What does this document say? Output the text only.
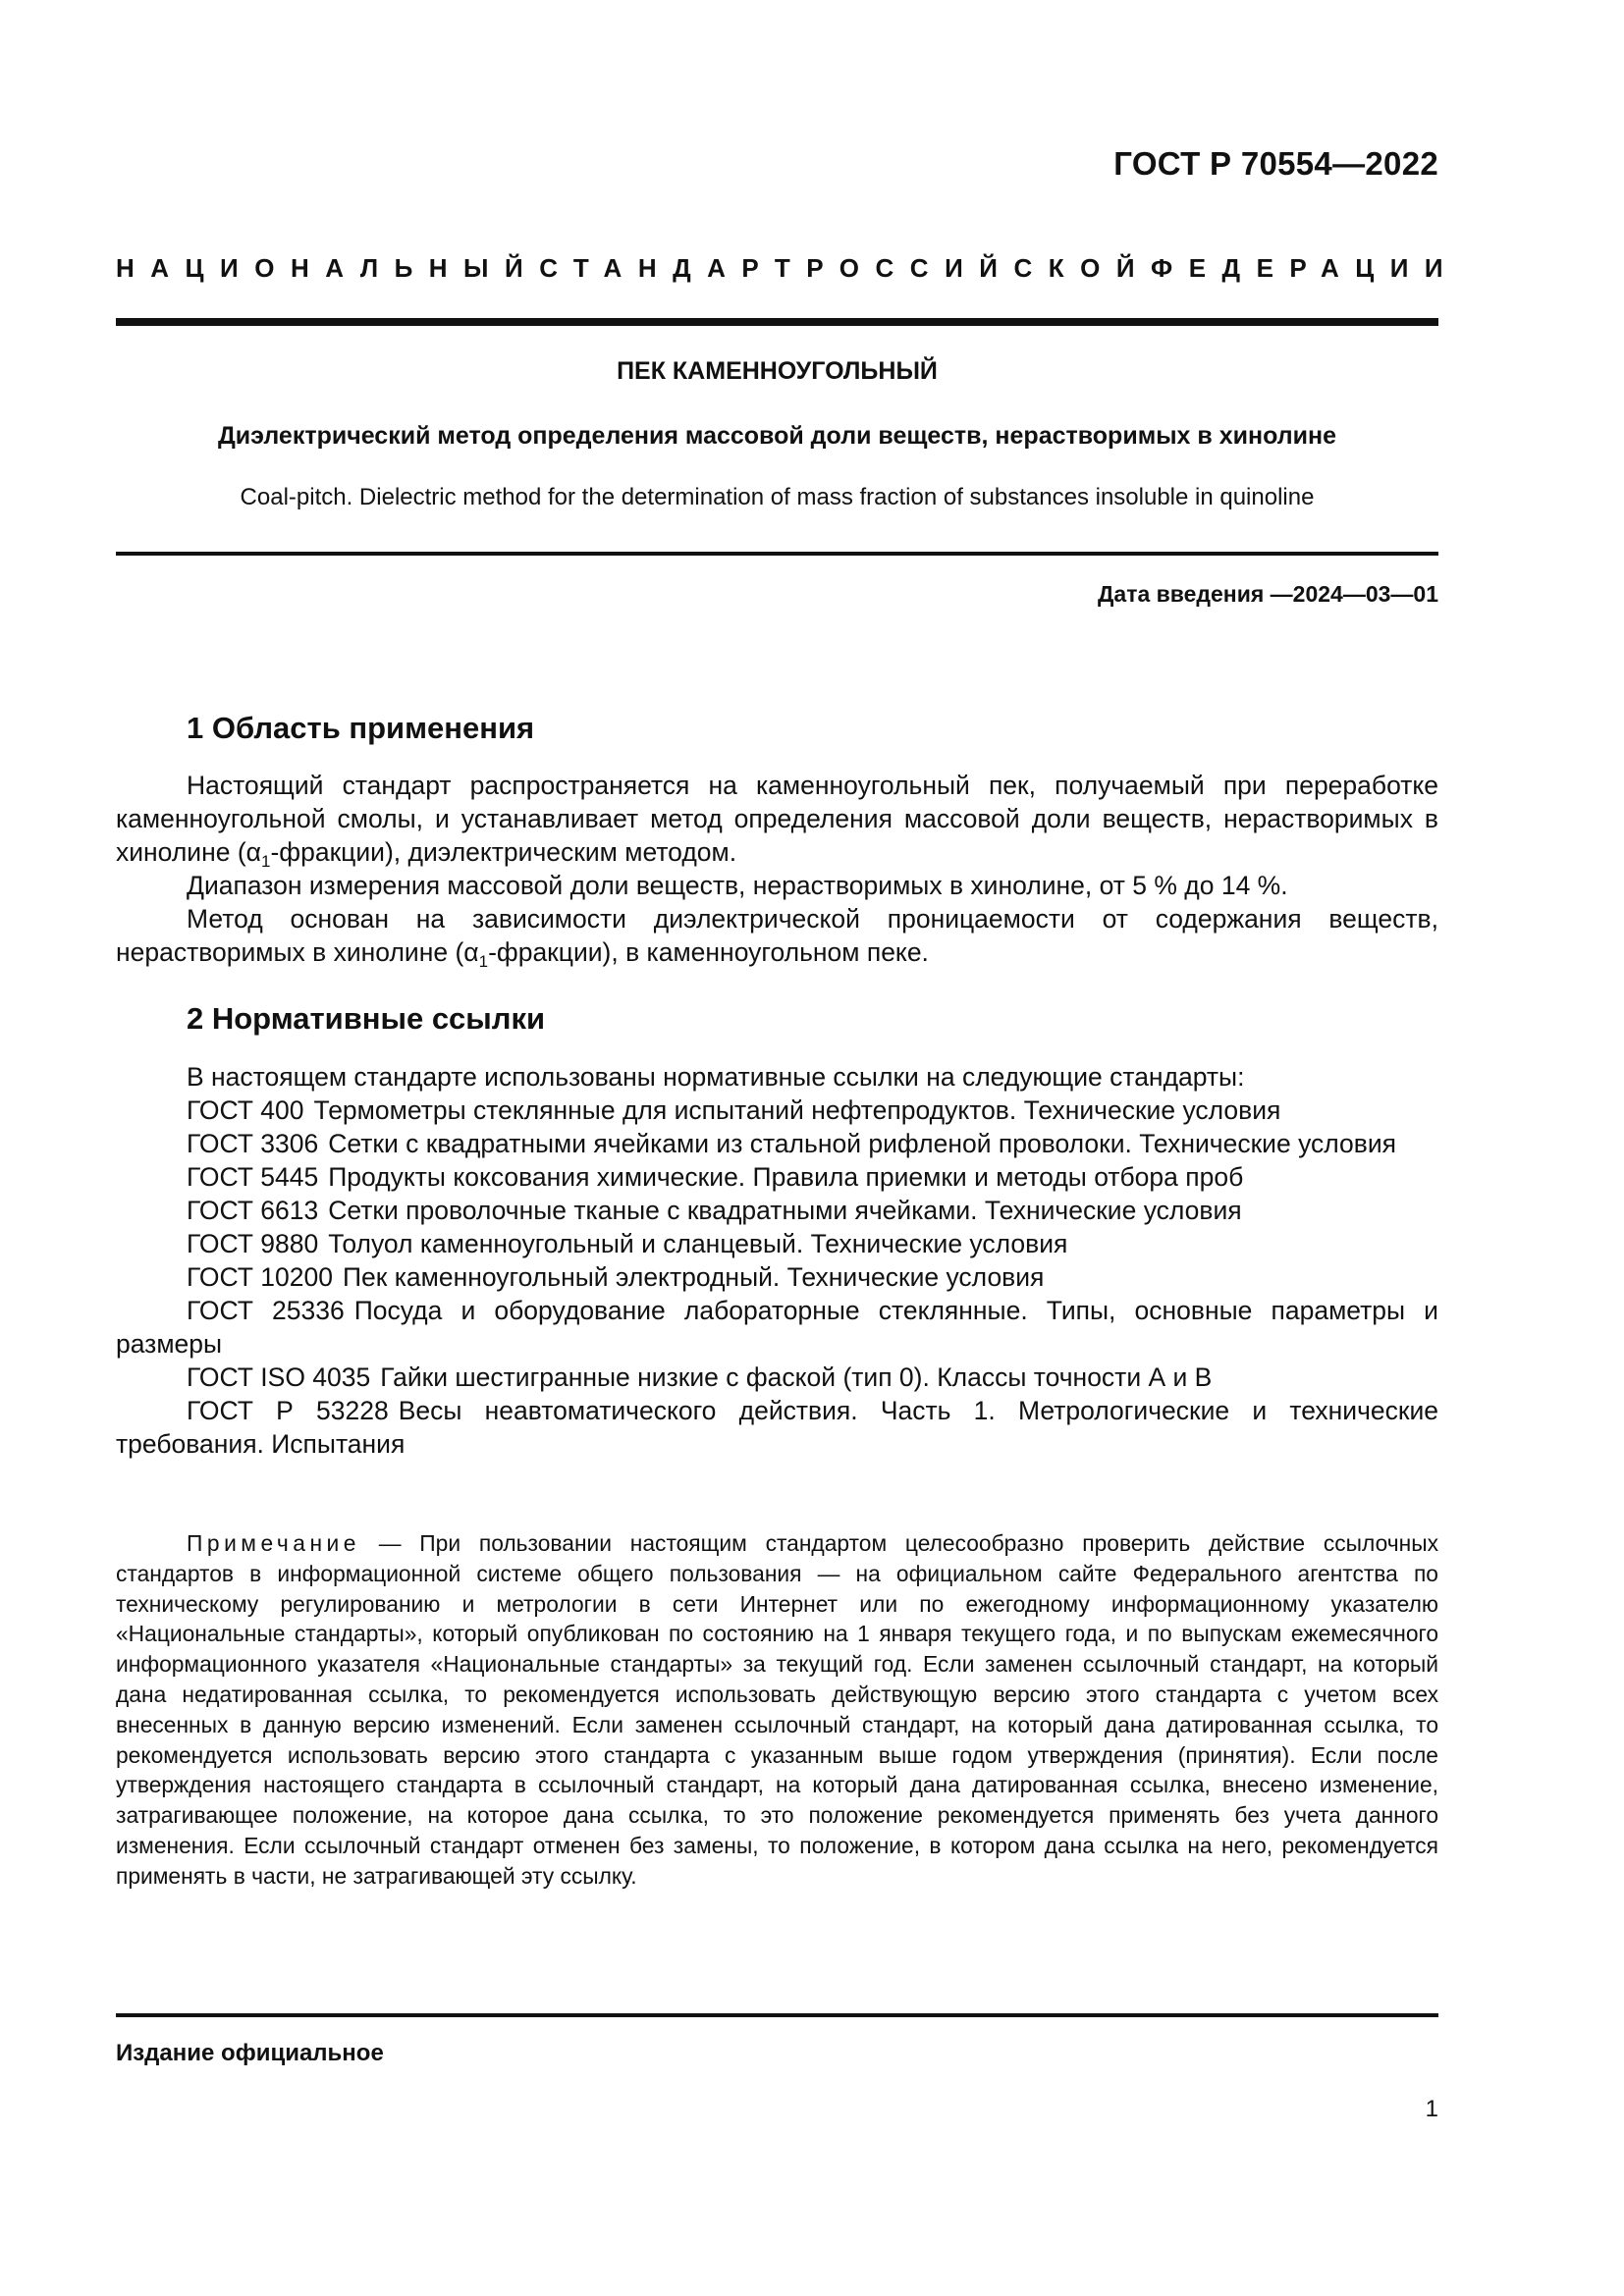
ГОСТ Р 70554—2022
НАЦИОНАЛЬНЫЙ СТАНДАРТ РОССИЙСКОЙ ФЕДЕРАЦИИ
ПЕК КАМЕННОУГОЛЬНЫЙ
Диэлектрический метод определения массовой доли веществ, нерастворимых в хинолине
Coal-pitch. Dielectric method for the determination of mass fraction of substances insoluble in quinoline
Дата введения —2024—03—01
1 Область применения

Настоящий стандарт распространяется на каменноугольный пек, получаемый при переработке каменноугольной смолы, и устанавливает метод определения массовой доли веществ, нерастворимых в хинолине $(\alpha_1-фракции)$, диэлектрическим методом.

Диапазон измерения массовой доли веществ, нерастворимых в хинолине, от 5 % до 14 %.

Метод основан на зависимости диэлектрической проницаемости от содержания веществ, нерастворимых в хинолине $(\alpha_1-фракции)$, в каменноугольном пеке.

2 Нормативные ссылки

В настоящем стандарте использованы нормативные ссылки на следующие стандарты:

ГОСТ 400 Термометры стеклянные для испытаний нефтепродуктов. Технические условия

ГОСТ 3306 Сетки с квадратными ячейками из стальной рифленой проволоки. Технические условия

ГОСТ 5445 Продукты коксования химические. Правила приемки и методы отбора проб

ГОСТ 6613 Сетки проволочные тканые с квадратными ячейками. Технические условия

ГОСТ 9880 Толуол каменноугольный и сланцевый. Технические условия

ГОСТ 10200 Пек каменноугольный электродный. Технические условия

ГОСТ 25336 Посуда и оборудование лабораторные стеклянные. Типы, основные параметры и размеры

ГОСТ ISO 4035 Гайки шестигранные низкие с фаской (тип 0). Классы точности А и В

ГОСТ Р 53228 Весы неавтоматического действия. Часть 1. Метрологические и технические требования. Испытания

Примечание — При пользовании настоящим стандартом целесообразно проверить действие ссылочных стандартов в информационной системе общего пользования — на официальном сайте Федерального агентства по техническому регулированию и метрологии в сети Интернет или по ежегодному информационному указателю «Национальные стандарты», который опубликован по состоянию на 1 января текущего года, и по выпускам ежемесячного информационного указателя «Национальные стандарты» за текущий год. Если заменен ссылочный стандарт, на который дана недатированная ссылка, то рекомендуется использовать действующую версию этого стандарта с учетом всех внесенных в данную версию изменений. Если заменен ссылочный стандарт, на который дана датированная ссылка, то рекомендуется использовать версию этого стандарта с указанным выше годом утверждения (принятия). Если после утверждения настоящего стандарта в ссылочный стандарт, на который дана датированная ссылка, внесено изменение, затрагивающее положение, на которое дана ссылка, то это положение рекомендуется применять без учета данного изменения. Если ссылочный стандарт отменен без замены, то положение, в котором дана ссылка на него, рекомендуется применять в части, не затрагивающей эту ссылку.
Издание официальное
1
